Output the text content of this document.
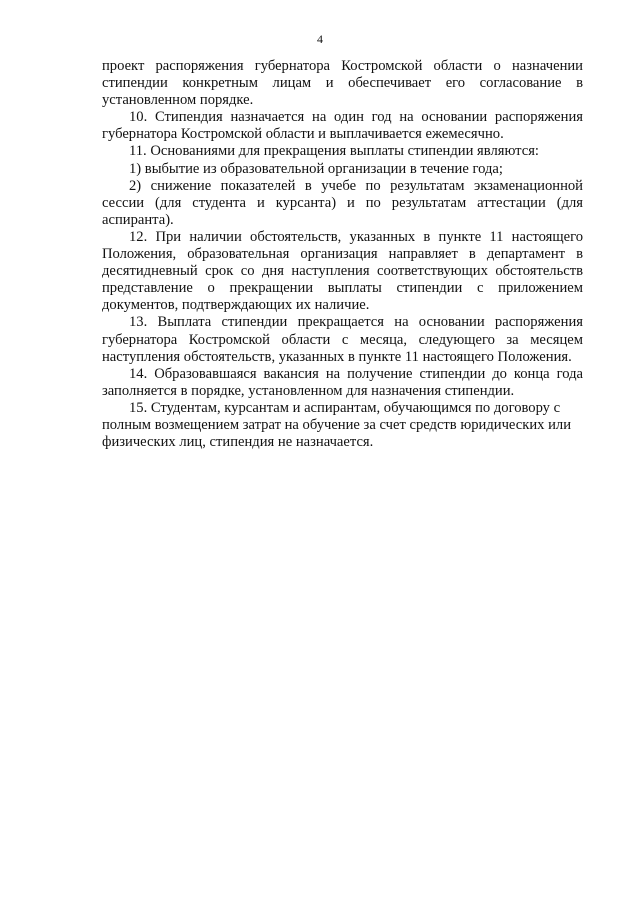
4

проект распоряжения губернатора Костромской области о назначении стипендии конкретным лицам и обеспечивает его согласование в установленном порядке.

10. Стипендия назначается на один год на основании распоряжения губернатора Костромской области и выплачивается ежемесячно.

11. Основаниями для прекращения выплаты стипендии являются:

1) выбытие из образовательной организации в течение года;

2) снижение показателей в учебе по результатам экзаменационной сессии (для студента и курсанта) и по результатам аттестации (для аспиранта).

12. При наличии обстоятельств, указанных в пункте 11 настоящего Положения, образовательная организация направляет в департамент в десятидневный срок со дня наступления соответствующих обстоятельств представление о прекращении выплаты стипендии с приложением документов, подтверждающих их наличие.

13. Выплата стипендии прекращается на основании распоряжения губернатора Костромской области с месяца, следующего за месяцем наступления обстоятельств, указанных в пункте 11 настоящего Положения.

14. Образовавшаяся вакансия на получение стипендии до конца года заполняется в порядке, установленном для назначения стипендии.

15. Студентам, курсантам и аспирантам, обучающимся по договору с полным возмещением затрат на обучение за счет средств юридических или физических лиц, стипендия не назначается.
